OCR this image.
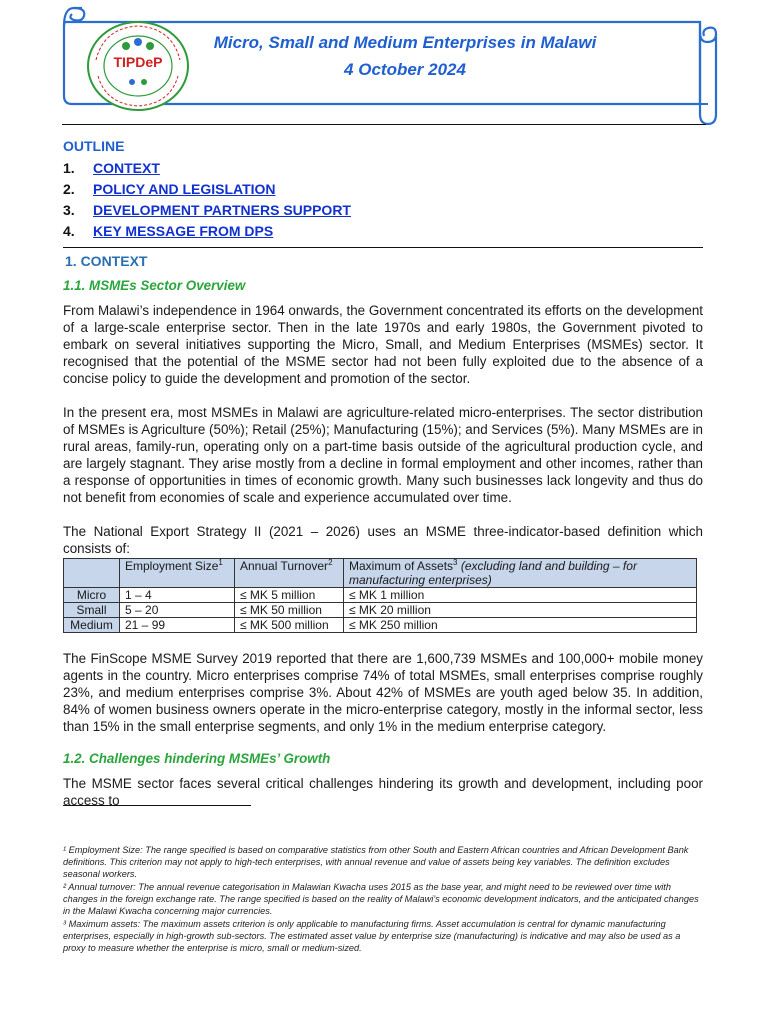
TIPDeP
Micro, Small and Medium Enterprises in Malawi
4 October 2024
OUTLINE
1.	CONTEXT
2.	POLICY AND LEGISLATION
3.	DEVELOPMENT PARTNERS SUPPORT
4.	KEY MESSAGE FROM DPS
1. CONTEXT
1.1. MSMEs Sector Overview

From Malawi’s independence in 1964 onwards, the Government concentrated its efforts on the development of a large-scale enterprise sector. Then in the late 1970s and early 1980s, the Government pivoted to embark on several initiatives supporting the Micro, Small, and Medium Enterprises (MSMEs) sector. It recognised that the potential of the MSME sector had not been fully exploited due to the absence of a concise policy to guide the development and promotion of the sector.

In the present era, most MSMEs in Malawi are agriculture-related micro-enterprises. The sector distribution of MSMEs is Agriculture (50%); Retail (25%); Manufacturing (15%); and Services (5%). Many MSMEs are in rural areas, family-run, operating only on a part-time basis outside of the agricultural production cycle, and are largely stagnant. They arise mostly from a decline in formal employment and other incomes, rather than a response of opportunities in times of economic growth. Many such businesses lack longevity and thus do not benefit from economies of scale and experience accumulated over time.

The National Export Strategy II (2021 – 2026) uses an MSME three-indicator-based definition which consists of:

	Employment Size$^1$	Annual Turnover$^2$	Maximum of Assets$^3$ (excluding land and building – for manufacturing enterprises)
Micro	1 – 4	≤ MK 5 million	≤ MK 1 million
Small	5 – 20	≤ MK 50 million	≤ MK 20 million
Medium	21 – 99	≤ MK 500 million	≤ MK 250 million

The FinScope MSME Survey 2019 reported that there are 1,600,739 MSMEs and 100,000+ mobile money agents in the country. Micro enterprises comprise 74% of total MSMEs, small enterprises comprise roughly 23%, and medium enterprises comprise 3%. About 42% of MSMEs are youth aged below 35. In addition, 84% of women business owners operate in the micro-enterprise category, mostly in the informal sector, less than 15% in the small enterprise segments, and only 1% in the medium enterprise category.

1.2. Challenges hindering MSMEs’ Growth

The MSME sector faces several critical challenges hindering its growth and development, including poor access to

¹ Employment Size: The range specified is based on comparative statistics from other South and Eastern African countries and African Development Bank definitions. This criterion may not apply to high-tech enterprises, with annual revenue and value of assets being key variables. The definition excludes seasonal workers.
² Annual turnover: The annual revenue categorisation in Malawian Kwacha uses 2015 as the base year, and might need to be reviewed over time with changes in the foreign exchange rate. The range specified is based on the reality of Malawi’s economic development indicators, and the anticipated changes in the Malawi Kwacha concerning major currencies.
³ Maximum assets: The maximum assets criterion is only applicable to manufacturing firms. Asset accumulation is central for dynamic manufacturing enterprises, especially in high-growth sub-sectors. The estimated asset value by enterprise size (manufacturing) is indicative and may also be used as a proxy to measure whether the enterprise is micro, small or medium-sized.
